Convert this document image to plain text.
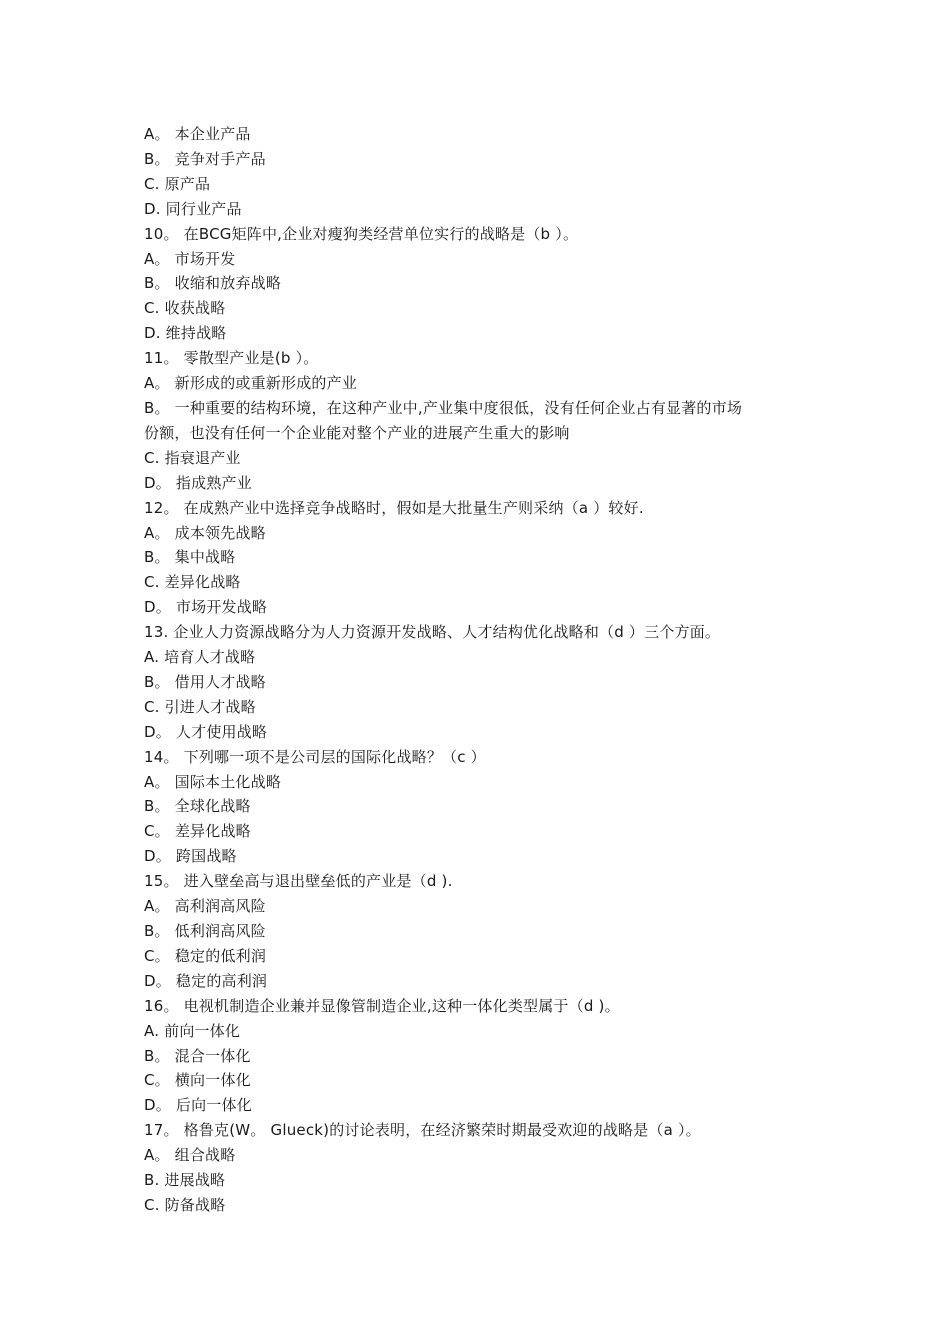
A。 本企业产品
B。 竞争对手产品
C. 原产品
D. 同行业产品
10。 在BCG矩阵中,企业对瘦狗类经营单位实行的战略是（b ）。
A。 市场开发
B。 收缩和放弃战略
C. 收获战略
D. 维持战略
11。 零散型产业是(b ）。
A。 新形成的或重新形成的产业
B。 一种重要的结构环境，在这种产业中,产业集中度很低，没有任何企业占有显著的市场
份额，也没有任何一个企业能对整个产业的进展产生重大的影响
C. 指衰退产业
D。 指成熟产业
12。 在成熟产业中选择竞争战略时，假如是大批量生产则采纳（a ）较好.
A。 成本领先战略
B。 集中战略
C. 差异化战略
D。 市场开发战略
13. 企业人力资源战略分为人力资源开发战略、人才结构优化战略和（d ）三个方面。
A. 培育人才战略
B。 借用人才战略
C. 引进人才战略
D。 人才使用战略
14。 下列哪一项不是公司层的国际化战略？（c ）
A。 国际本土化战略
B。 全球化战略
C。 差异化战略
D。 跨国战略
15。 进入壁垒高与退出壁垒低的产业是（d ).
A。 高利润高风险
B。 低利润高风险
C。 稳定的低利润
D。 稳定的高利润
16。 电视机制造企业兼并显像管制造企业,这种一体化类型属于（d )。
A. 前向一体化
B。 混合一体化
C。 横向一体化
D。 后向一体化
17。 格鲁克(W。 Glueck)的讨论表明，在经济繁荣时期最受欢迎的战略是（a ）。
A。 组合战略
B. 进展战略
C. 防备战略
